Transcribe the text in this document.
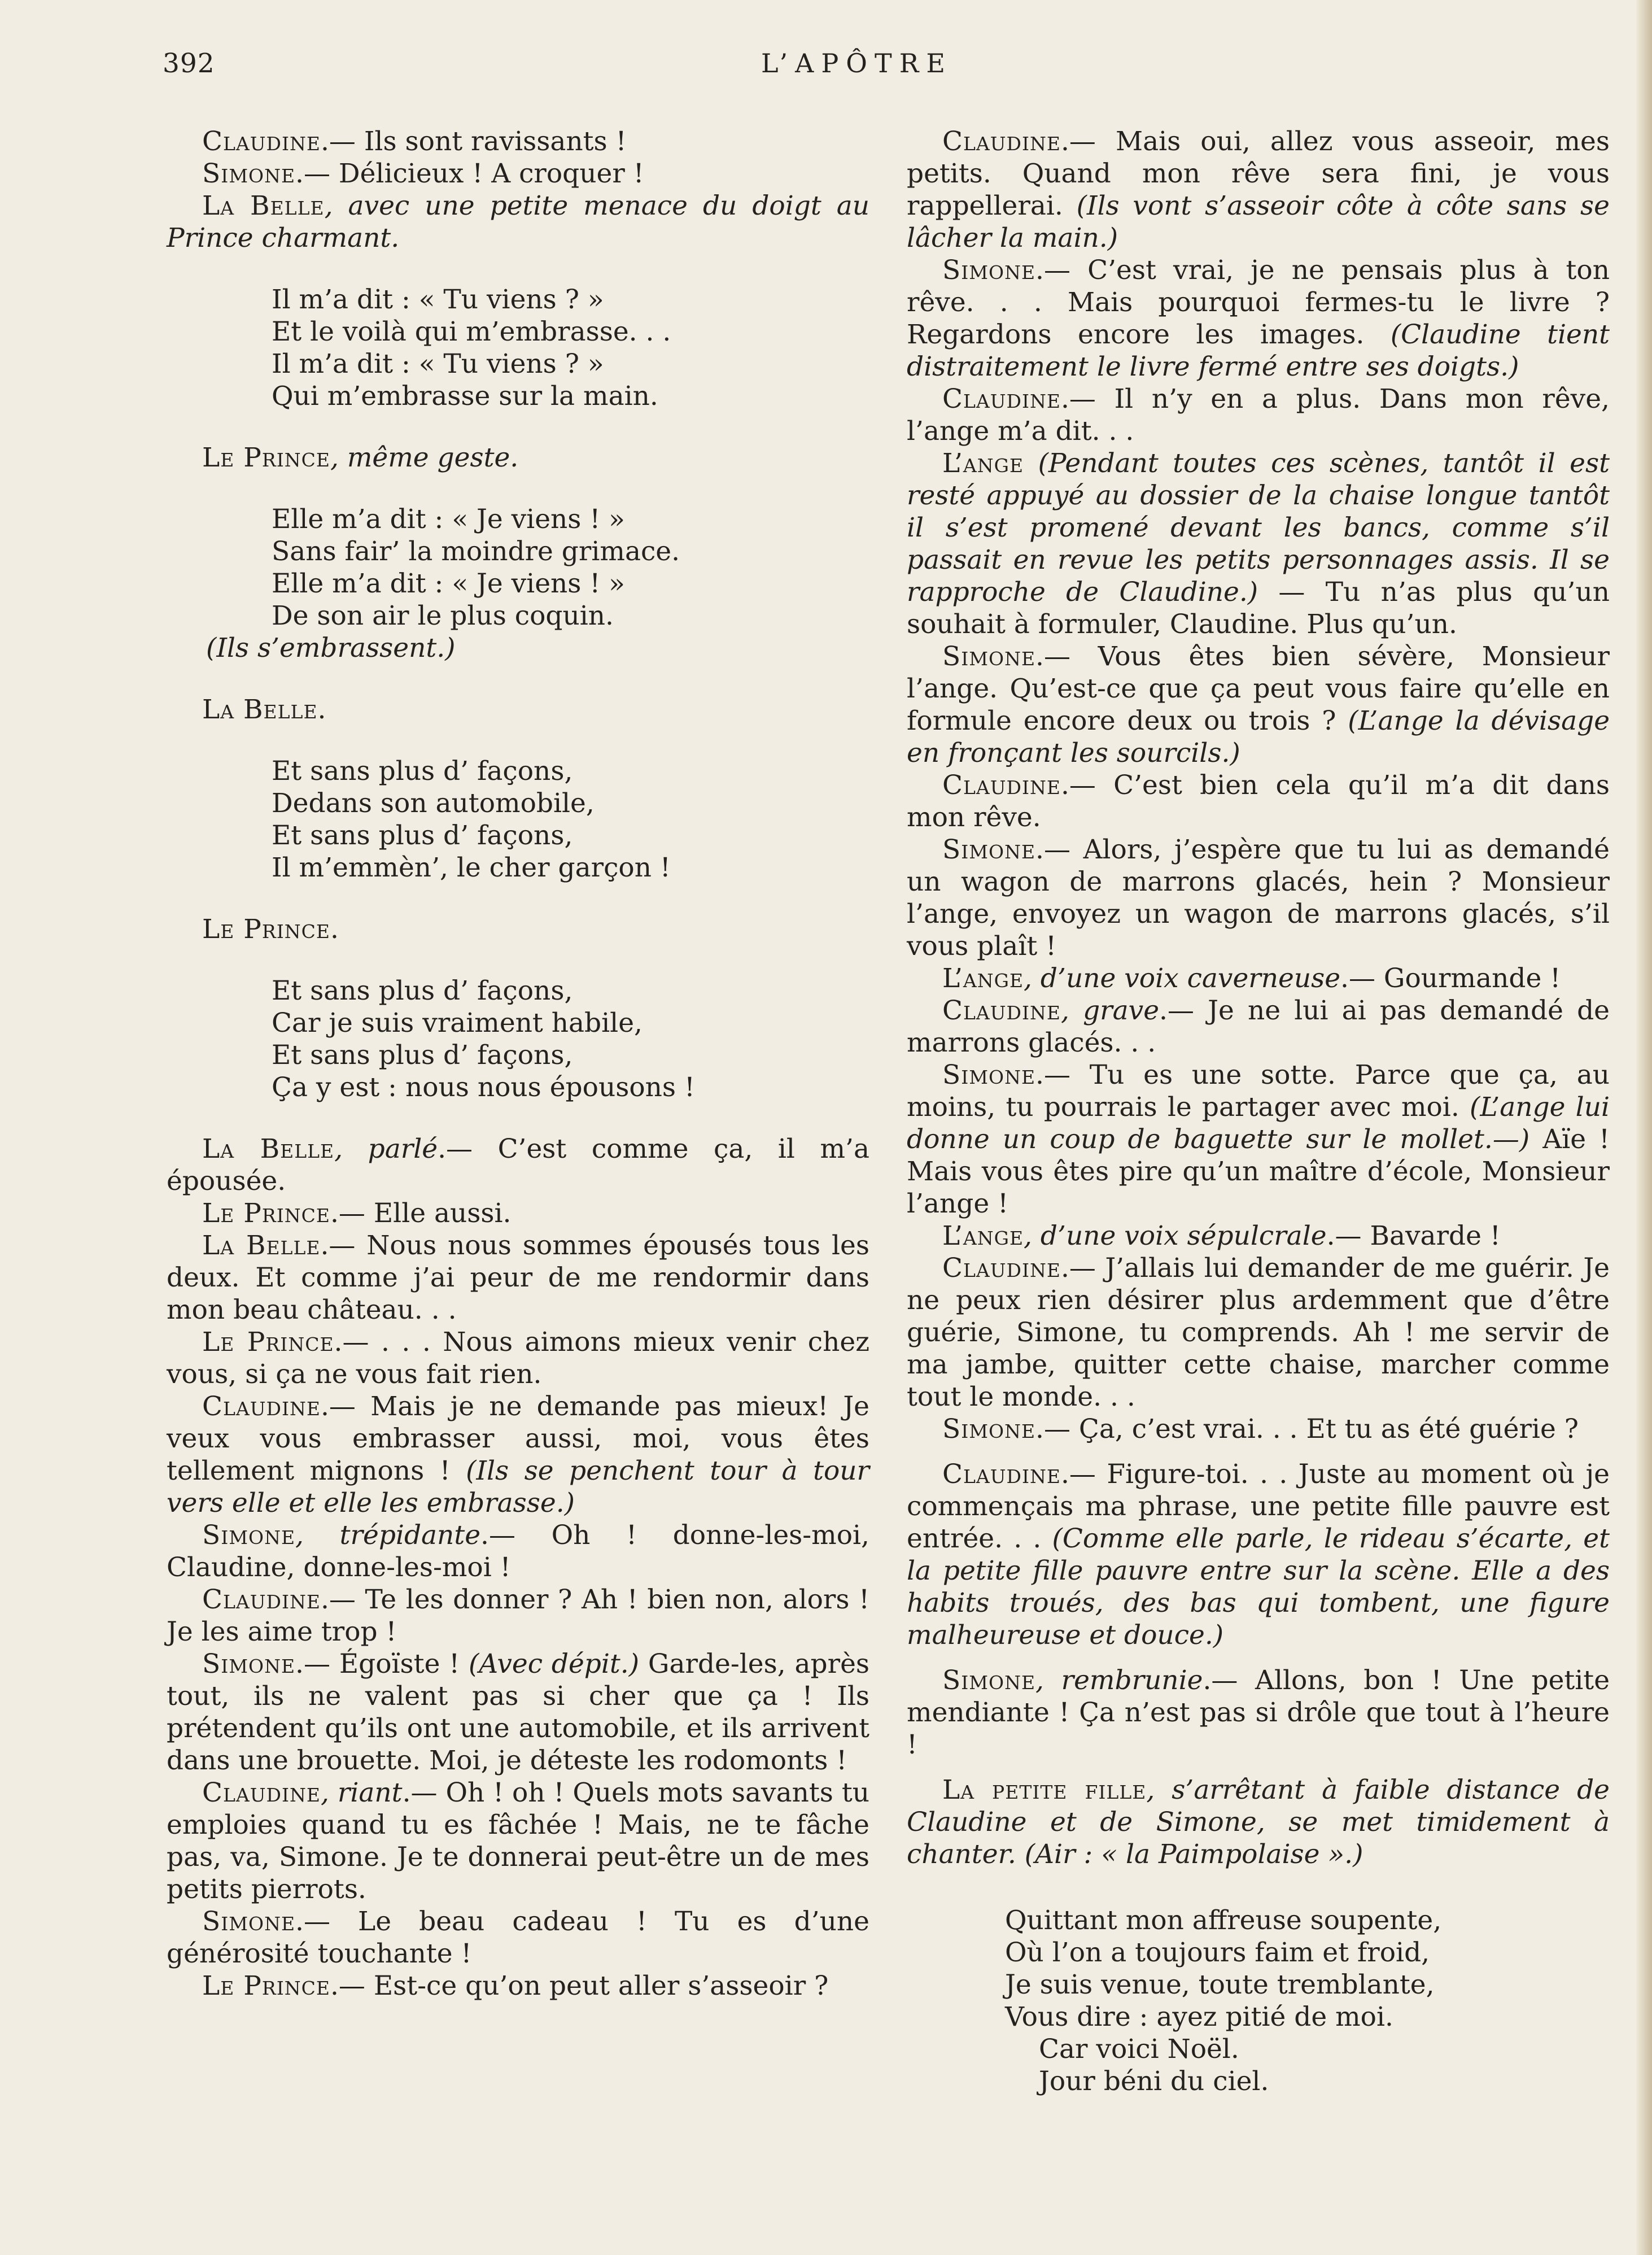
392	L’APÔTRE

Claudine.— Ils sont ravissants !

Simone.— Délicieux ! A croquer !

La Belle, avec une petite menace du doigt au Prince charmant.

Il m’a dit : « Tu viens ? »
Et le voilà qui m’embrasse. . .
Il m’a dit : « Tu viens ? »
Qui m’embrasse sur la main.

Le Prince, même geste.

Elle m’a dit : « Je viens ! »
Sans fair’ la moindre grimace.
Elle m’a dit : « Je viens ! »
De son air le plus coquin.

(Ils s’embrassent.)

La Belle.

Et sans plus d’ façons,
Dedans son automobile,
Et sans plus d’ façons,
Il m’emmèn’, le cher garçon !

Le Prince.

Et sans plus d’ façons,
Car je suis vraiment habile,
Et sans plus d’ façons,
Ça y est : nous nous épousons !

La Belle, parlé.— C’est comme ça, il m’a épousée.

Le Prince.— Elle aussi.

La Belle.— Nous nous sommes épousés tous les deux. Et comme j’ai peur de me rendormir dans mon beau château. . .

Le Prince.— . . . Nous aimons mieux venir chez vous, si ça ne vous fait rien.

Claudine.— Mais je ne demande pas mieux! Je veux vous embrasser aussi, moi, vous êtes tellement mignons ! (Ils se penchent tour à tour vers elle et elle les embrasse.)

Simone, trépidante.— Oh ! donne-les-moi, Claudine, donne-les-moi !

Claudine.— Te les donner ? Ah ! bien non, alors ! Je les aime trop !

Simone.— Égoïste ! (Avec dépit.) Garde-les, après tout, ils ne valent pas si cher que ça ! Ils prétendent qu’ils ont une automobile, et ils arrivent dans une brouette. Moi, je déteste les rodomonts !

Claudine, riant.— Oh ! oh ! Quels mots savants tu emploies quand tu es fâchée ! Mais, ne te fâche pas, va, Simone. Je te donnerai peut-être un de mes petits pierrots.

Simone.— Le beau cadeau ! Tu es d’une générosité touchante !

Le Prince.— Est-ce qu’on peut aller s’asseoir ?

Claudine.— Mais oui, allez vous asseoir, mes petits. Quand mon rêve sera fini, je vous rappellerai. (Ils vont s’asseoir côte à côte sans se lâcher la main.)

Simone.— C’est vrai, je ne pensais plus à ton rêve. . . Mais pourquoi fermes-tu le livre ? Regardons encore les images. (Claudine tient distraitement le livre fermé entre ses doigts.)

Claudine.— Il n’y en a plus. Dans mon rêve, l’ange m’a dit. . .

L’ange (Pendant toutes ces scènes, tantôt il est resté appuyé au dossier de la chaise longue tantôt il s’est promené devant les bancs, comme s’il passait en revue les petits personnages assis. Il se rapproche de Claudine.) — Tu n’as plus qu’un souhait à formuler, Claudine. Plus qu’un.

Simone.— Vous êtes bien sévère, Monsieur l’ange. Qu’est-ce que ça peut vous faire qu’elle en formule encore deux ou trois ? (L’ange la dévisage en fronçant les sourcils.)

Claudine.— C’est bien cela qu’il m’a dit dans mon rêve.

Simone.— Alors, j’espère que tu lui as demandé un wagon de marrons glacés, hein ? Monsieur l’ange, envoyez un wagon de marrons glacés, s’il vous plaît !

L’ange, d’une voix caverneuse.— Gourmande !

Claudine, grave.— Je ne lui ai pas demandé de marrons glacés. . .

Simone.— Tu es une sotte. Parce que ça, au moins, tu pourrais le partager avec moi. (L’ange lui donne un coup de baguette sur le mollet.—) Aïe ! Mais vous êtes pire qu’un maître d’école, Monsieur l’ange !

L’ange, d’une voix sépulcrale.— Bavarde !

Claudine.— J’allais lui demander de me guérir. Je ne peux rien désirer plus ardemment que d’être guérie, Simone, tu comprends. Ah ! me servir de ma jambe, quitter cette chaise, marcher comme tout le monde. . .

Simone.— Ça, c’est vrai. . . Et tu as été guérie ?

Claudine.— Figure-toi. . . Juste au moment où je commençais ma phrase, une petite fille pauvre est entrée. . . (Comme elle parle, le rideau s’écarte, et la petite fille pauvre entre sur la scène. Elle a des habits troués, des bas qui tombent, une figure malheureuse et douce.)

Simone, rembrunie.— Allons, bon ! Une petite mendiante ! Ça n’est pas si drôle que tout à l’heure !

La petite fille, s’arrêtant à faible distance de Claudine et de Simone, se met timidement à chanter. (Air : « la Paimpolaise ».)

Quittant mon affreuse soupente,
Où l’on a toujours faim et froid,
Je suis venue, toute tremblante,
Vous dire : ayez pitié de moi.
Car voici Noël.
Jour béni du ciel.
